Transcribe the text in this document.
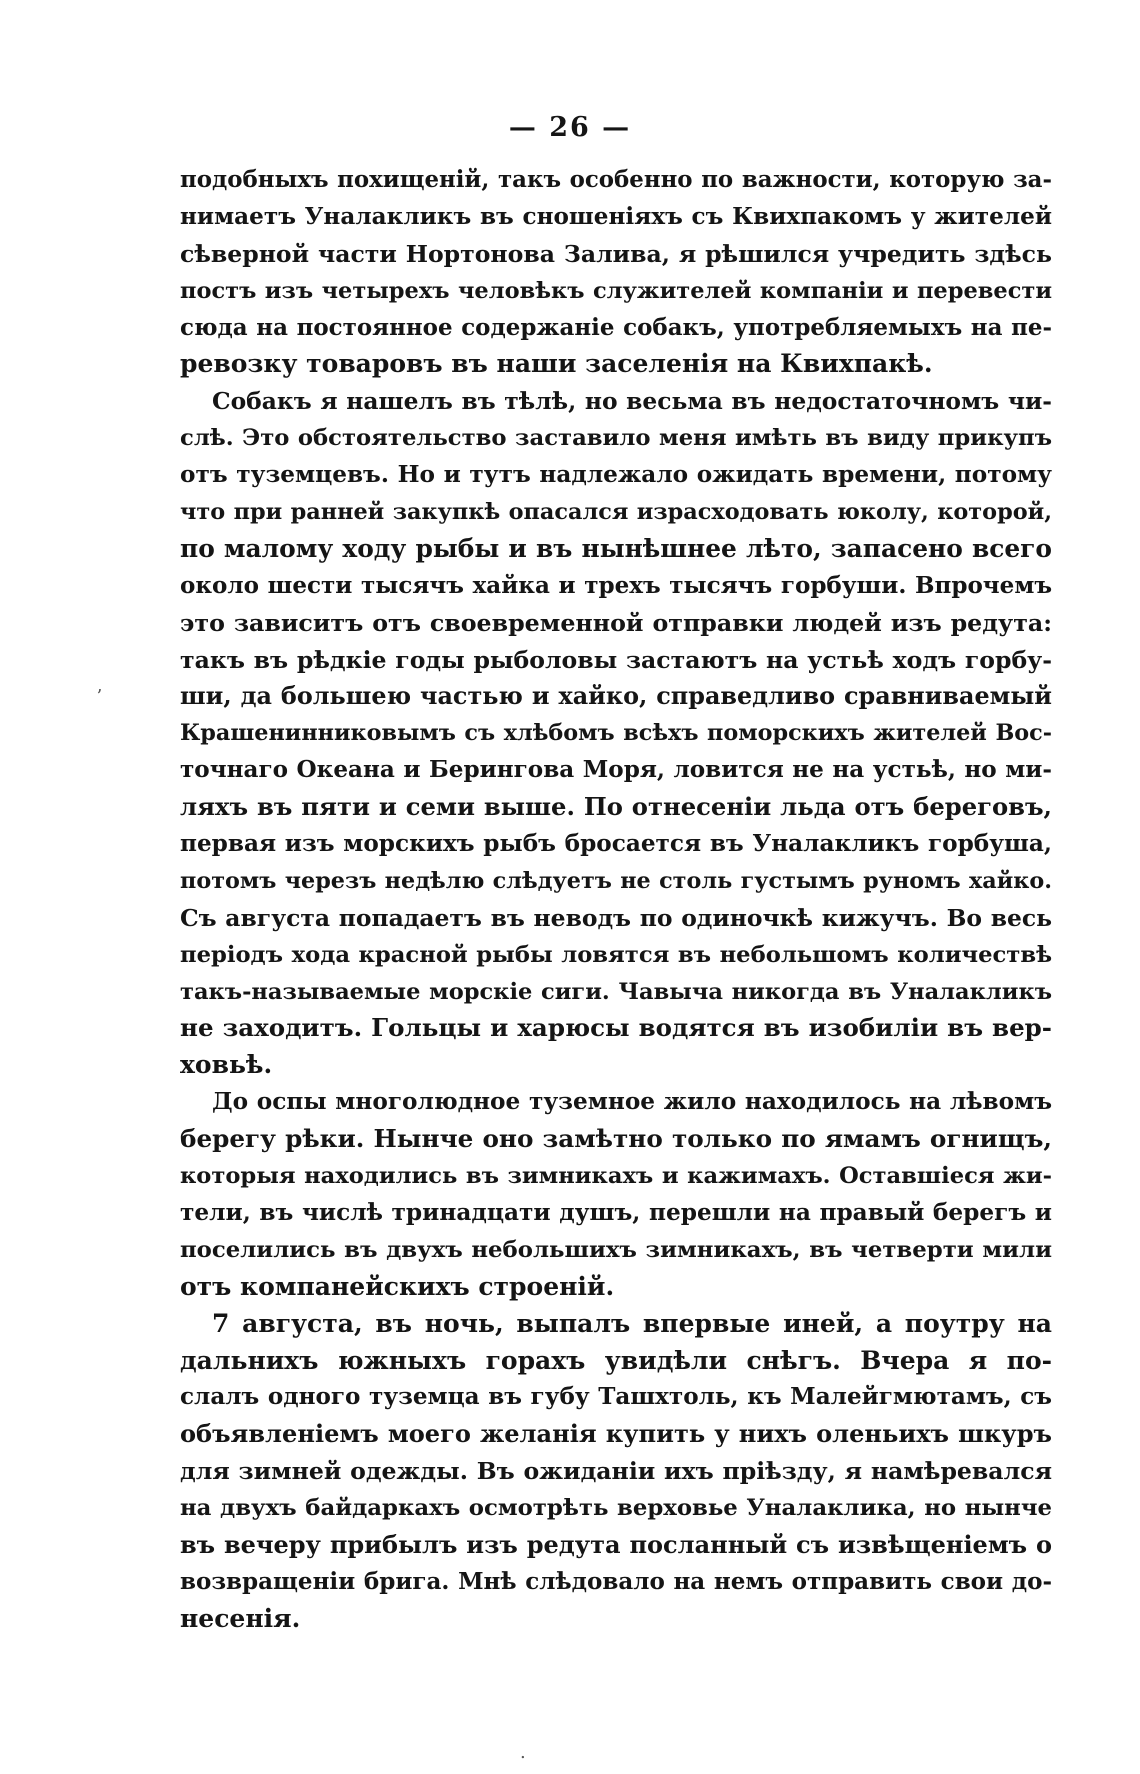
— 26 —
подобныхъ похищеній, такъ особенно по важности, которую за-
нимаетъ Уналакликъ въ сношеніяхъ съ Квихпакомъ у жителей
сѣверной части Нортонова Залива, я рѣшился учредить здѣсь
постъ изъ четырехъ человѣкъ служителей компаніи и перевести
сюда на постоянное содержаніе собакъ, употребляемыхъ на пе-
ревозку товаровъ въ наши заселенія на Квихпакѣ.
Собакъ я нашелъ въ тѣлѣ, но весьма въ недостаточномъ чи-
слѣ. Это обстоятельство заставило меня имѣть въ виду прикупъ
отъ туземцевъ. Но и тутъ надлежало ожидать времени, потому
что при ранней закупкѣ опасался израсходовать юколу, которой,
по малому ходу рыбы и въ нынѣшнее лѣто, запасено всего
около шести тысячъ хайка и трехъ тысячъ горбуши. Впрочемъ
это зависитъ отъ своевременной отправки людей изъ редута:
такъ въ рѣдкіе годы рыболовы застаютъ на устьѣ ходъ горбу-
ши, да большею частью и хайко, справедливо сравниваемый
Крашенинниковымъ съ хлѣбомъ всѣхъ поморскихъ жителей Вос-
точнаго Океана и Берингова Моря, ловится не на устьѣ, но ми-
ляхъ въ пяти и семи выше. По отнесеніи льда отъ береговъ,
первая изъ морскихъ рыбъ бросается въ Уналакликъ горбуша,
потомъ черезъ недѣлю слѣдуетъ не столь густымъ руномъ хайко.
Съ августа попадаетъ въ неводъ по одиночкѣ кижучъ. Во весь
періодъ хода красной рыбы ловятся въ небольшомъ количествѣ
такъ-называемые морскіе сиги. Чавыча никогда въ Уналакликъ
не заходитъ. Гольцы и харюсы водятся въ изобиліи въ вер-
ховьѣ.
До оспы многолюдное туземное жило находилось на лѣвомъ
берегу рѣки. Нынче оно замѣтно только по ямамъ огнищъ,
которыя находились въ зимникахъ и кажимахъ. Оставшіеся жи-
тели, въ числѣ тринадцати душъ, перешли на правый берегъ и
поселились въ двухъ небольшихъ зимникахъ, въ четверти мили
отъ компанейскихъ строеній.
7 августа, въ ночь, выпалъ впервые иней, а поутру на
дальнихъ южныхъ горахъ увидѣли снѣгъ. Вчера я по-
слалъ одного туземца въ губу Ташхтоль, къ Малейгмютамъ, съ
объявленіемъ моего желанія купить у нихъ оленьихъ шкуръ
для зимней одежды. Въ ожиданіи ихъ пріѣзду, я намѣревался
на двухъ байдаркахъ осмотрѣть верховье Уналаклика, но нынче
въ вечеру прибылъ изъ редута посланный съ извѣщеніемъ о
возвращеніи брига. Мнѣ слѣдовало на немъ отправить свои до-
несенія.
ʼ
.
